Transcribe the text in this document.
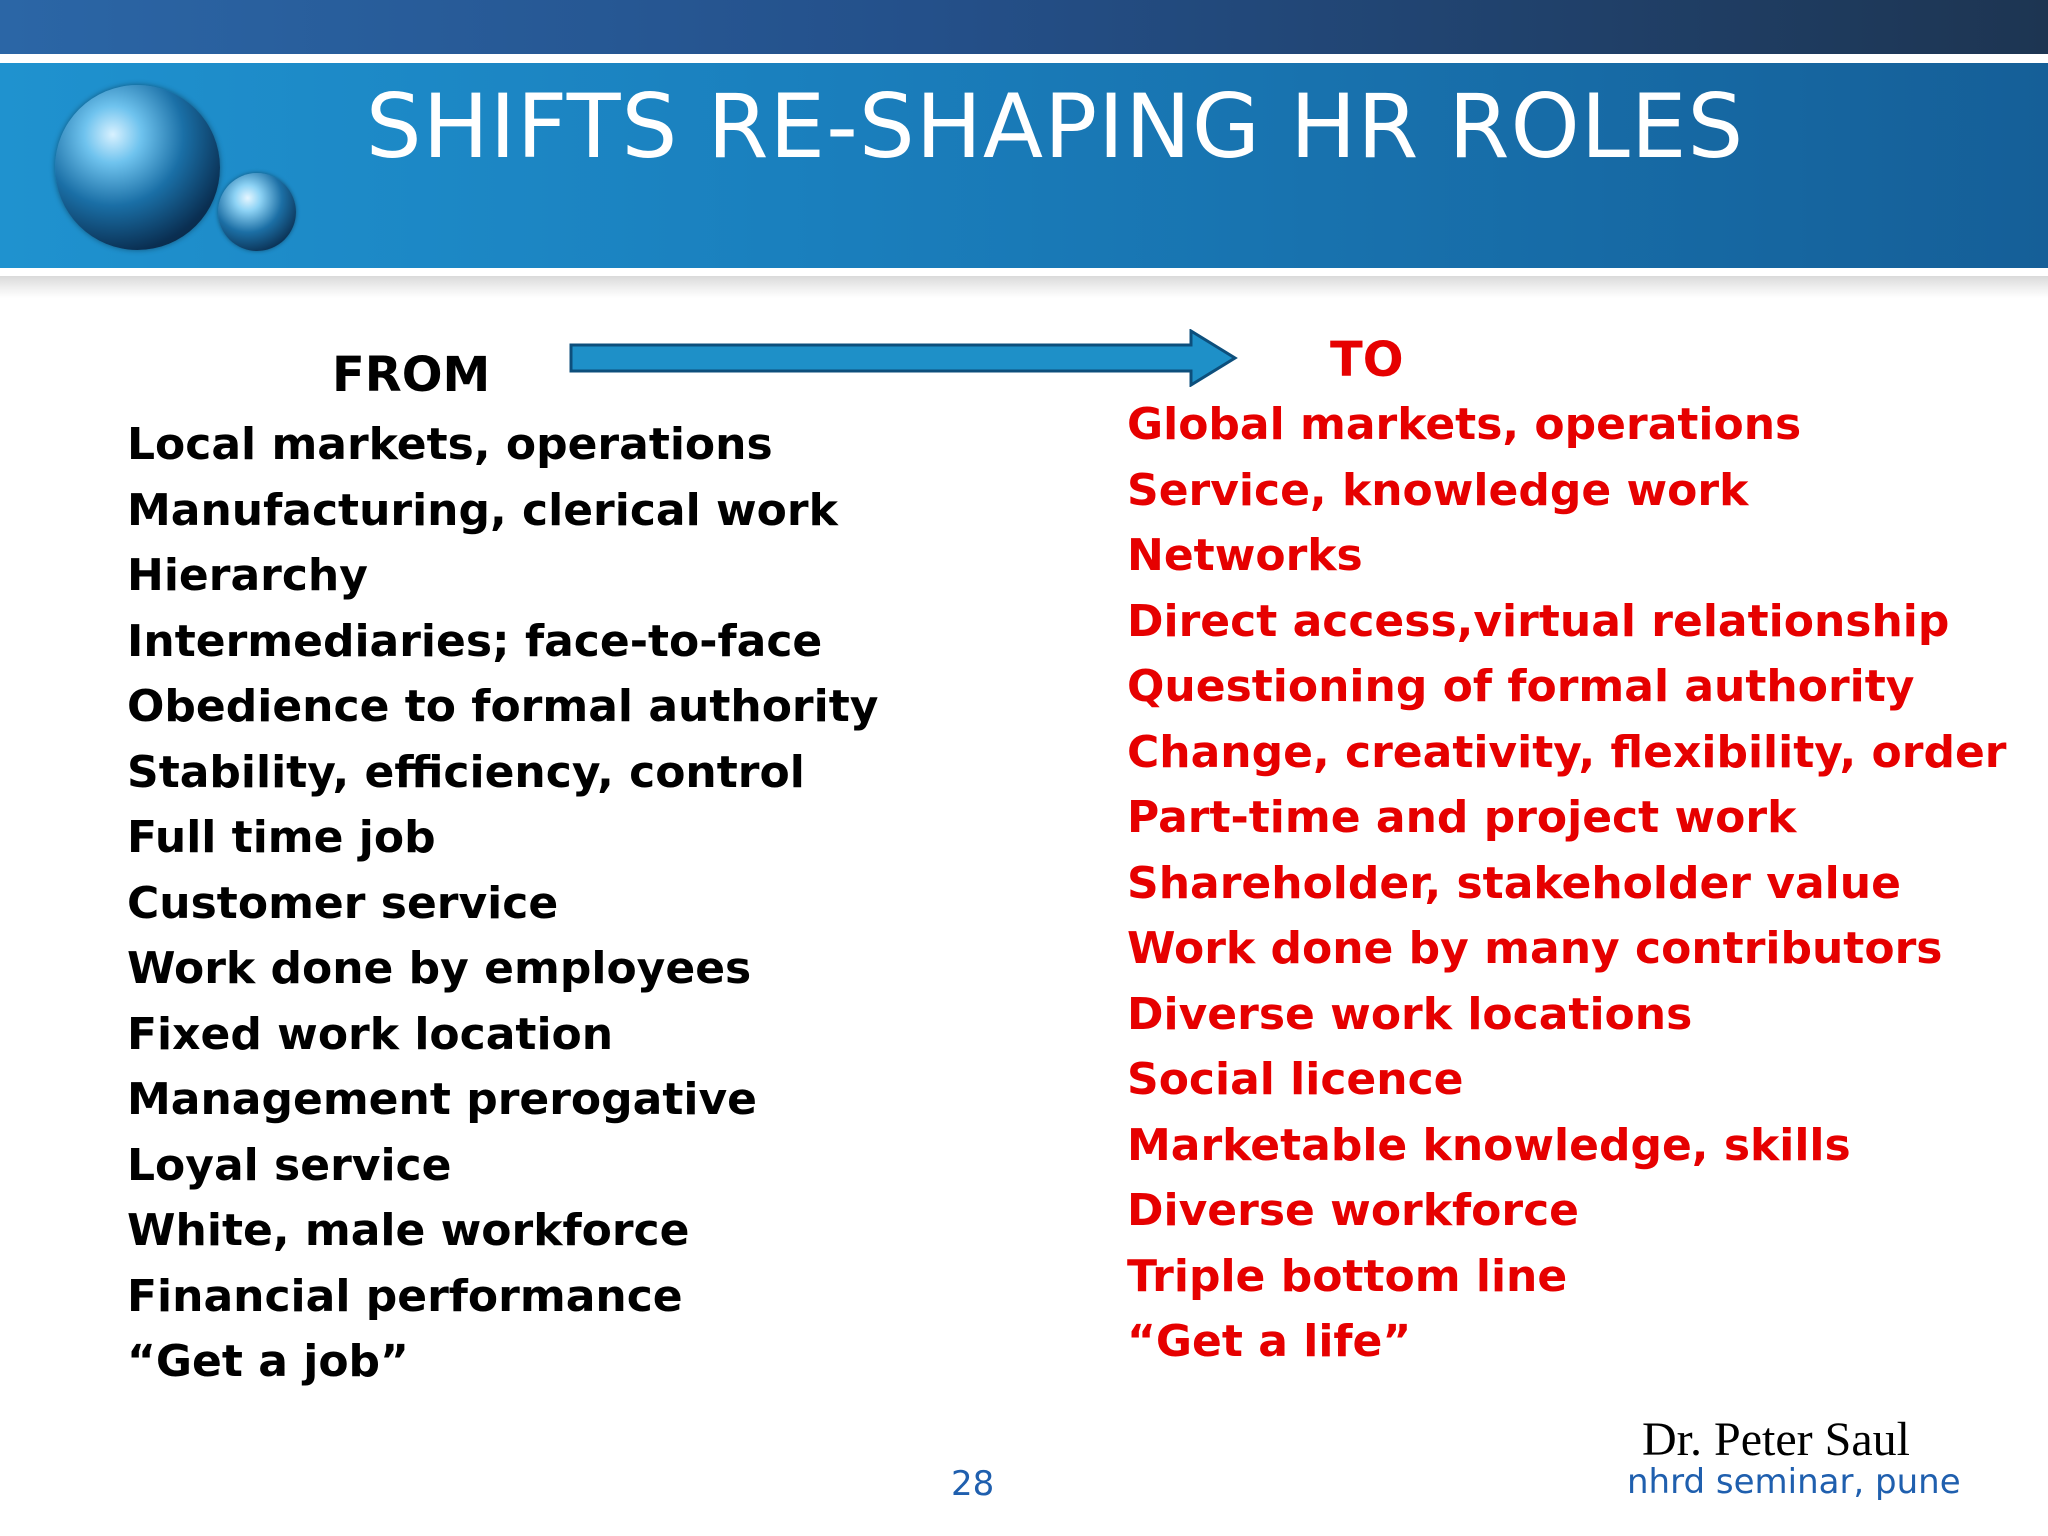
SHIFTS RE-SHAPING HR ROLES
FROM	TO
Local markets, operations
Manufacturing, clerical work
Hierarchy
Intermediaries; face-to-face
Obedience to formal authority
Stability, efficiency, control
Full time job
Customer service
Work done by employees
Fixed work location
Management prerogative
Loyal service
White, male workforce
Financial performance
“Get a job”
Global markets, operations
Service, knowledge work
Networks
Direct access,virtual relationship
Questioning of formal authority
Change, creativity, flexibility, order
Part-time and project work
Shareholder, stakeholder value
Work done by many contributors
Diverse work locations
Social licence
Marketable knowledge, skills
Diverse workforce
Triple bottom line
“Get a life”
Dr. Peter Saul
nhrd seminar, pune
28
